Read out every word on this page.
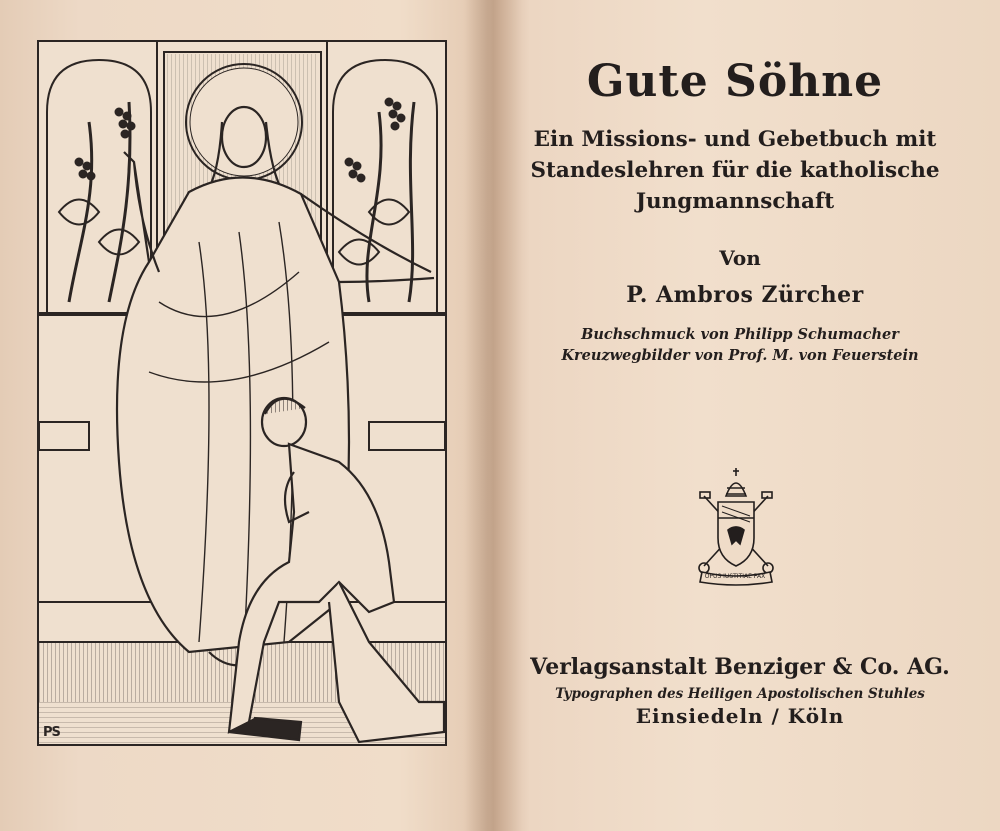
PS
Gute Söhne
Ein Missions- und Gebetbuch mit
Standeslehren für die katholische
Jungmannschaft
Von
P. Ambros Zürcher
Buchschmuck von Philipp Schumacher
Kreuzwegbilder von Prof. M. von Feuerstein
OPUS IUSTITIAE PAX
Verlagsanstalt Benziger & Co. AG.
Typographen des Heiligen Apostolischen Stuhles
Einsiedeln / Köln
